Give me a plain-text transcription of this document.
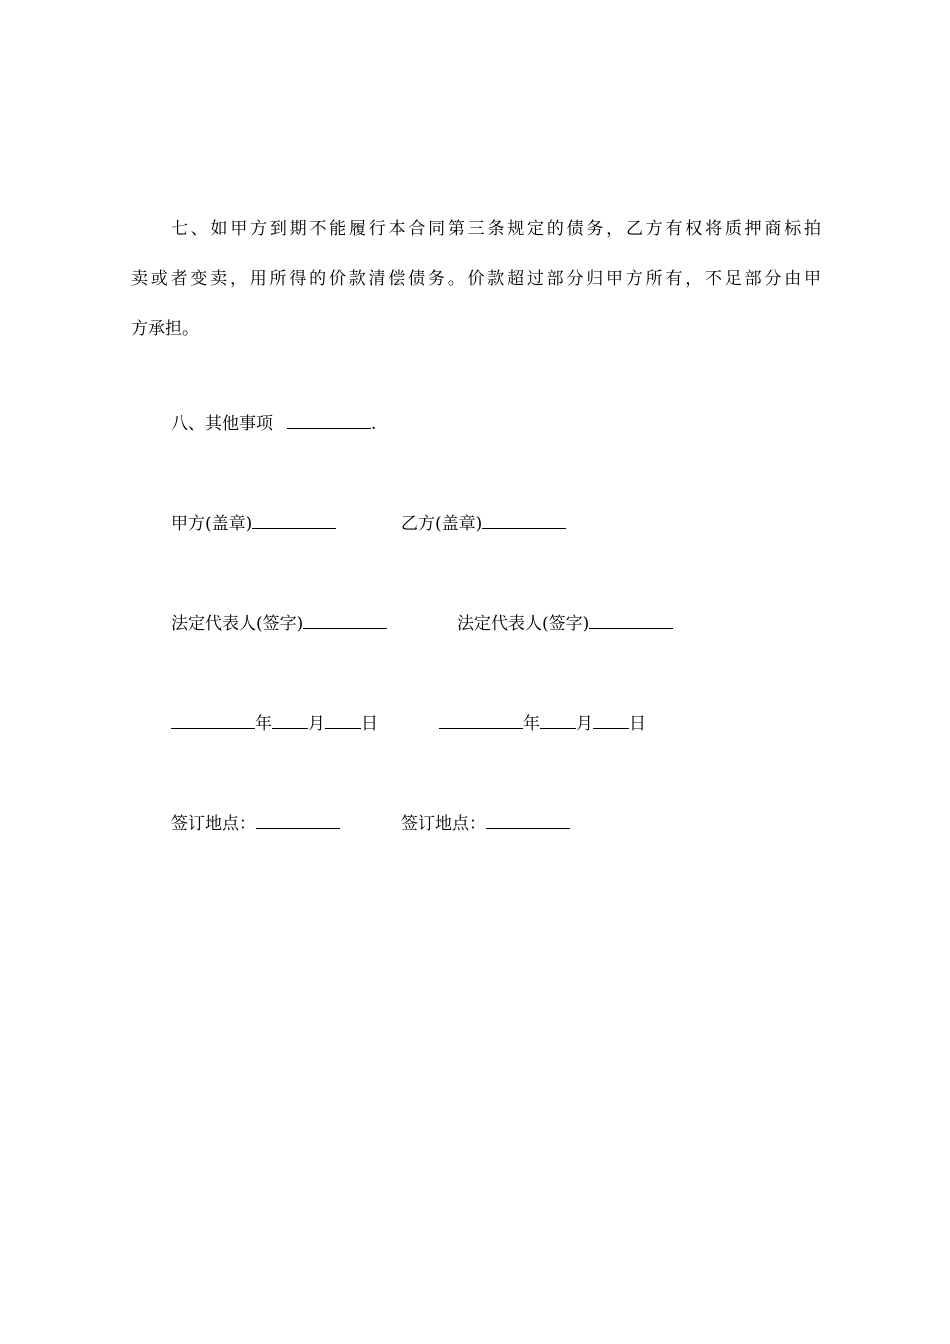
七、如甲方到期不能履行本合同第三条规定的债务，乙方有权将质押商标拍
卖或者变卖，用所得的价款清偿债务。价款超过部分归甲方所有，不足部分由甲
方承担。
八、其他事项	.
甲方(盖章)	乙方(盖章)
法定代表人(签字)	法定代表人(签字)
年 月 日	年 月 日
签订地点：	签订地点：
